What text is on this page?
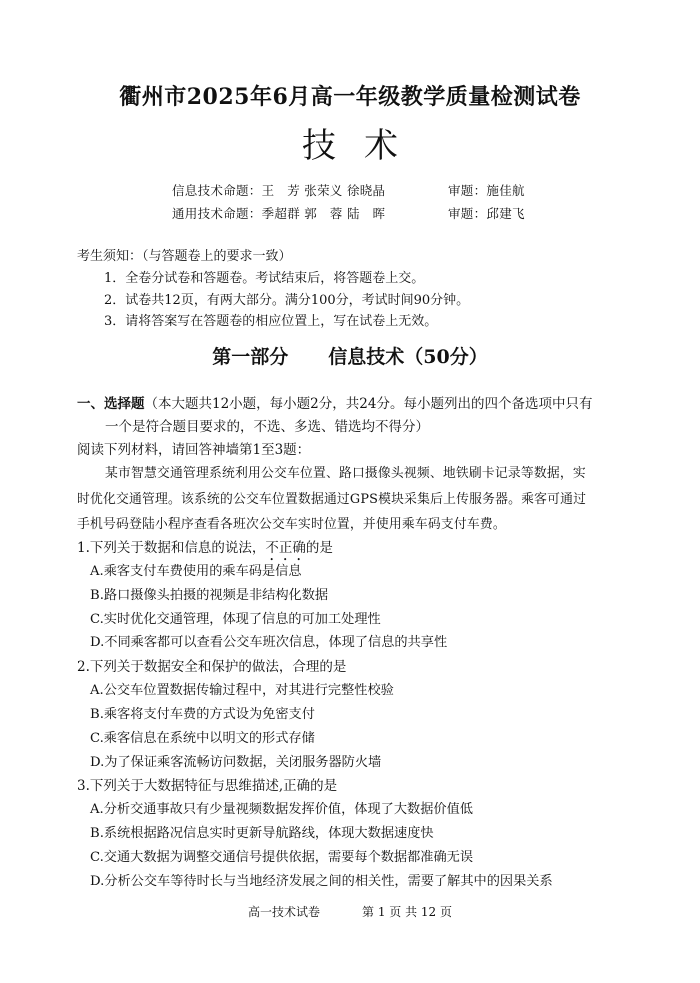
衢州市2025年6月高一年级教学质量检测试卷
技术
信息技术命题：王　芳 张荣义 徐晓晶	审题：施佳航
通用技术命题：季超群 郭　蓉 陆　晖	审题：邱建飞
考生须知：（与答题卷上的要求一致）
1．全卷分试卷和答题卷。考试结束后，将答题卷上交。
2．试卷共12页，有两大部分。满分100分，考试时间90分钟。
3．请将答案写在答题卷的相应位置上，写在试卷上无效。
第一部分 信息技术（50分）
一、选择题（本大题共12小题，每小题2分，共24分。每小题列出的四个备选项中只有
一个是符合题目要求的，不选、多选、错选均不得分）
阅读下列材料，请回答神墙第1至3题：
某市智慧交通管理系统利用公交车位置、路口摄像头视频、地铁刷卡记录等数据，实
时优化交通管理。该系统的公交车位置数据通过GPS模块采集后上传服务器。乘客可通过
手机号码登陆小程序查看各班次公交车实时位置，并使用乘车码支付车费。
1.下列关于数据和信息的说法，不正确的是
A.乘客支付车费使用的乘车码是信息
B.路口摄像头拍摄的视频是非结构化数据
C.实时优化交通管理，体现了信息的可加工处理性
D.不同乘客都可以查看公交车班次信息，体现了信息的共享性
2.下列关于数据安全和保护的做法，合理的是
A.公交车位置数据传输过程中，对其进行完整性校验
B.乘客将支付车费的方式设为免密支付
C.乘客信息在系统中以明文的形式存储
D.为了保证乘客流畅访问数据，关闭服务器防火墙
3.下列关于大数据特征与思维描述,正确的是
A.分析交通事故只有少量视频数据发挥价值，体现了大数据价值低
B.系统根据路况信息实时更新导航路线，体现大数据速度快
C.交通大数据为调整交通信号提供依据，需要每个数据都准确无误
D.分析公交车等待时长与当地经济发展之间的相关性，需要了解其中的因果关系
高一技术试卷	第 1 页 共 12 页
